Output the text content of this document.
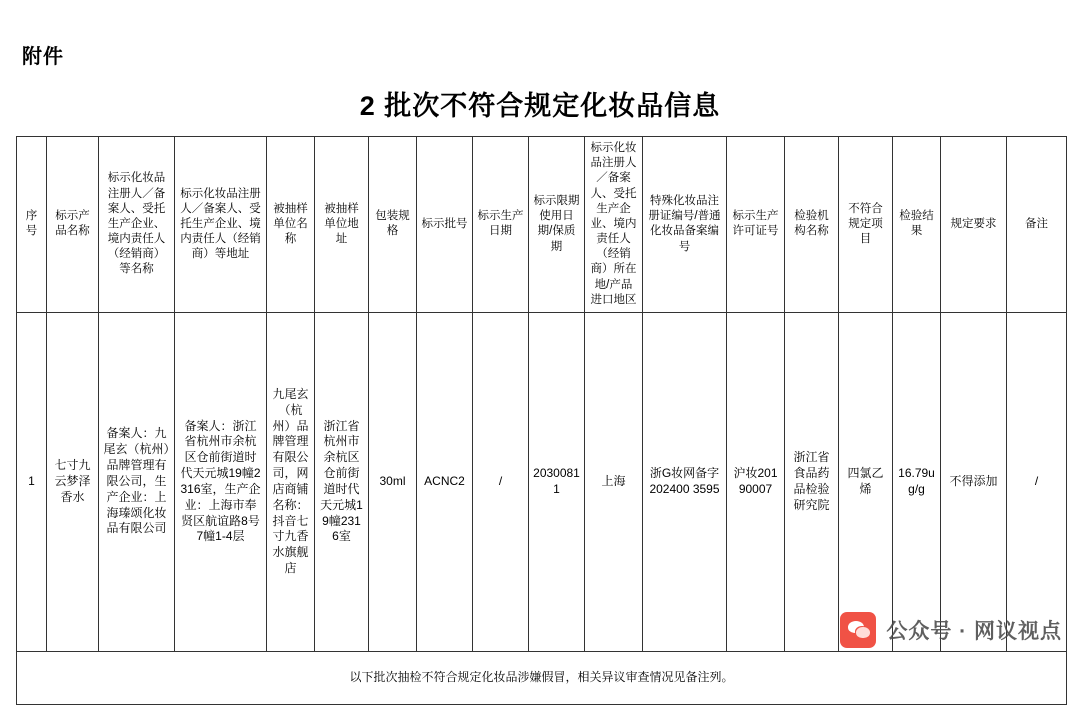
附件
2 批次不符合规定化妆品信息
序号	标示产品名称	标示化妆品注册人／备案人、受托生产企业、境内责任人（经销商）等名称	标示化妆品注册人／备案人、受托生产企业、境内责任人（经销商）等地址	被抽样单位名称	被抽样单位地址	包装规格	标示批号	标示生产日期	标示限期使用日期/保质期	标示化妆品注册人／备案人、受托生产企业、境内责任人（经销商）所在地/产品进口地区	特殊化妆品注册证编号/普通化妆品备案编号	标示生产许可证号	检验机构名称	不符合规定项目	检验结果	规定要求	备注
1	七寸九云梦泽香水	备案人：九尾玄（杭州）品牌管理有限公司，生产企业：上海瑧颂化妆品有限公司	备案人：浙江省杭州市余杭区仓前街道时代天元城19幢2316室，生产企业：上海市奉贤区航谊路8号7幢1-4层	九尾玄（杭州）品牌管理有限公司，网店商铺名称：抖音七寸九香水旗舰店	浙江省杭州市余杭区仓前街道时代天元城19幢2316室	30ml	ACNC2	/	20300811	上海	浙G妆网备字202400 3595	沪妆20190007	浙江省食品药品检验研究院	四氯乙烯	16.79ug/g	不得添加	/
以下批次抽检不符合规定化妆品涉嫌假冒，相关异议审查情况见备注列。																	
公众号 · 网议视点
